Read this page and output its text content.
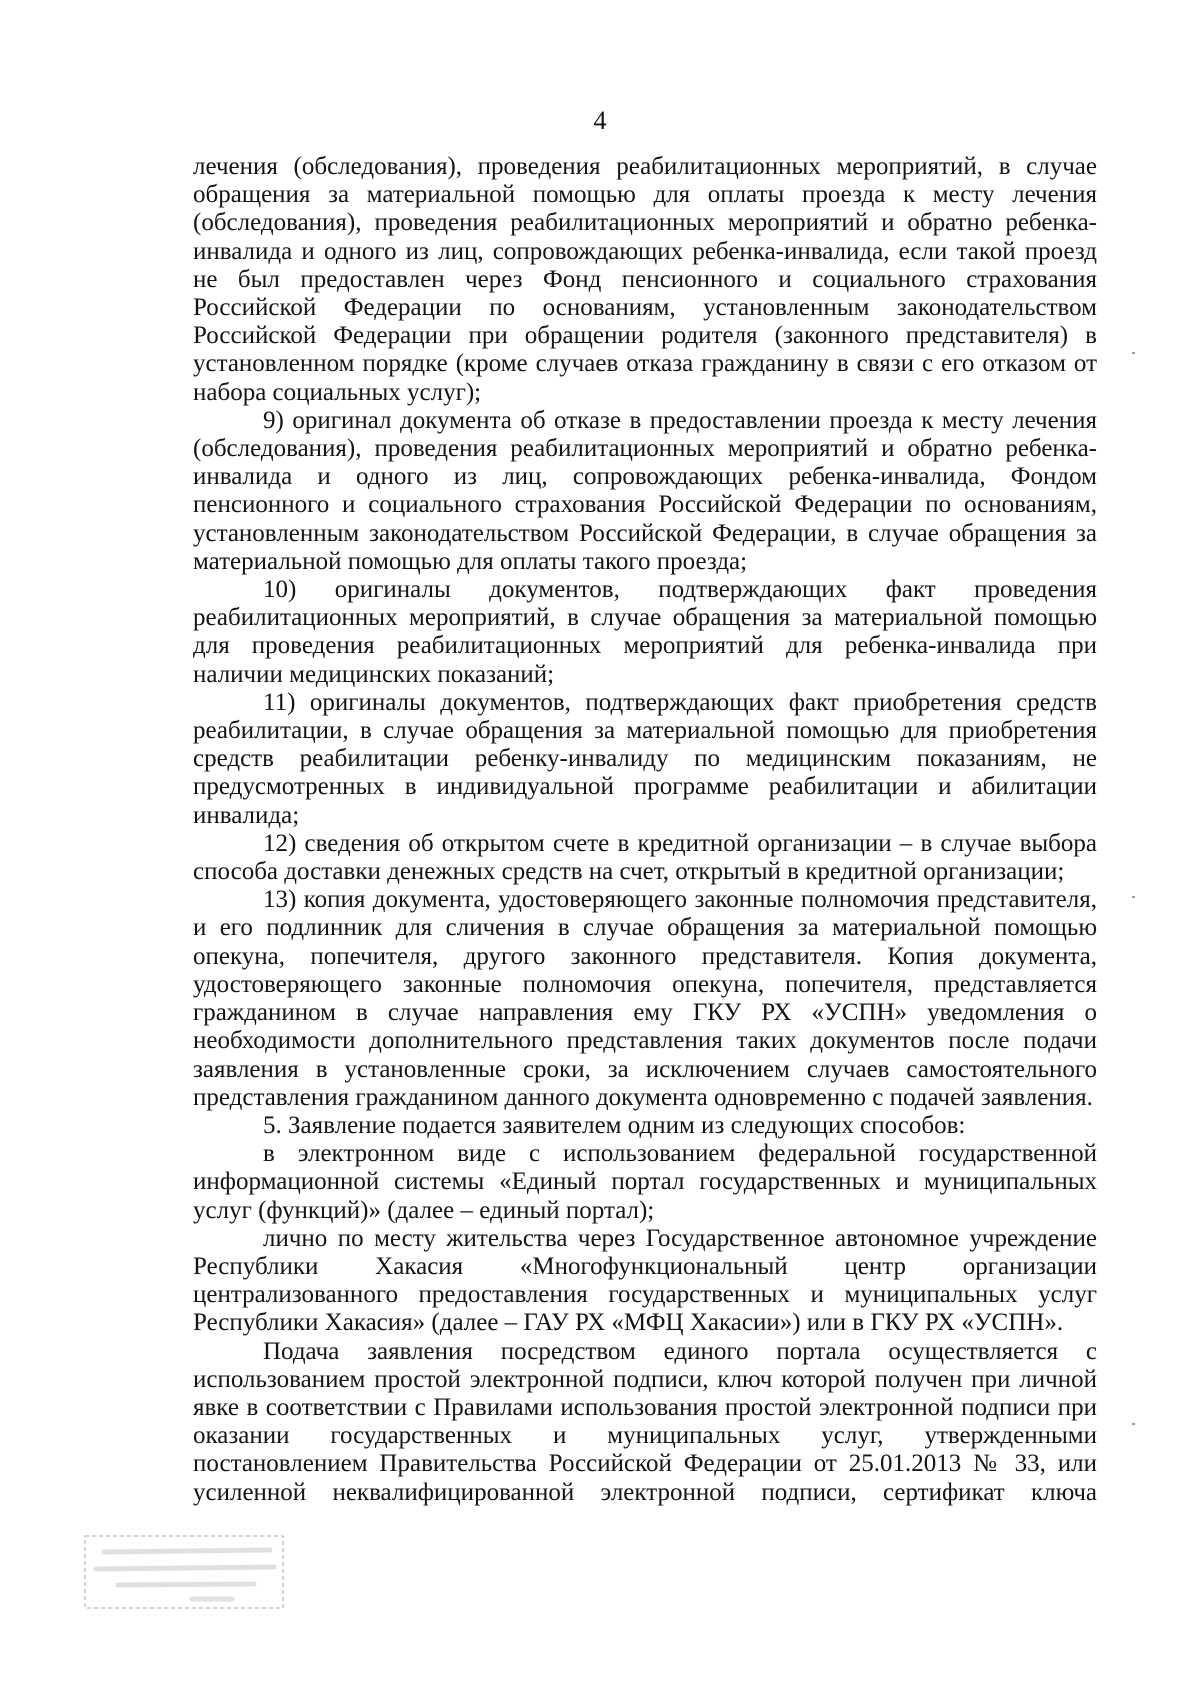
4

лечения (обследования), проведения реабилитационных мероприятий, в случае обращения за материальной помощью для оплаты проезда к месту лечения (обследования), проведения реабилитационных мероприятий и обратно ребенка-инвалида и одного из лиц, сопровождающих ребенка-инвалида, если такой проезд не был предоставлен через Фонд пенсионного и социального страхования Российской Федерации по основаниям, установленным законодательством Российской Федерации при обращении родителя (законного представителя) в установленном порядке (кроме случаев отказа гражданину в связи с его отказом от набора социальных услуг);

9) оригинал документа об отказе в предоставлении проезда к месту лечения (обследования), проведения реабилитационных мероприятий и обратно ребенка-инвалида и одного из лиц, сопровождающих ребенка-инвалида, Фондом пенсионного и социального страхования Российской Федерации по основаниям, установленным законодательством Российской Федерации, в случае обращения за материальной помощью для оплаты такого проезда;

10) оригиналы документов, подтверждающих факт проведения реабилитационных мероприятий, в случае обращения за материальной помощью для проведения реабилитационных мероприятий для ребенка-инвалида при наличии медицинских показаний;

11) оригиналы документов, подтверждающих факт приобретения средств реабилитации, в случае обращения за материальной помощью для приобретения средств реабилитации ребенку-инвалиду по медицинским показаниям, не предусмотренных в индивидуальной программе реабилитации и абилитации инвалида;

12) сведения об открытом счете в кредитной организации – в случае выбора способа доставки денежных средств на счет, открытый в кредитной организации;

13) копия документа, удостоверяющего законные полномочия представителя, и его подлинник для сличения в случае обращения за материальной помощью опекуна, попечителя, другого законного представителя. Копия документа, удостоверяющего законные полномочия опекуна, попечителя, представляется гражданином в случае направления ему ГКУ РХ «УСПН» уведомления о необходимости дополнительного представления таких документов после подачи заявления в установленные сроки, за исключением случаев самостоятельного представления гражданином данного документа одновременно с подачей заявления.

5. Заявление подается заявителем одним из следующих способов:

в электронном виде с использованием федеральной государственной информационной системы «Единый портал государственных и муниципальных услуг (функций)» (далее – единый портал);

лично по месту жительства через Государственное автономное учреждение Республики Хакасия «Многофункциональный центр организации централизованного предоставления государственных и муниципальных услуг Республики Хакасия» (далее – ГАУ РХ «МФЦ Хакасии») или в ГКУ РХ «УСПН».

Подача заявления посредством единого портала осуществляется с использованием простой электронной подписи, ключ которой получен при личной явке в соответствии с Правилами использования простой электронной подписи при оказании государственных и муниципальных услуг, утвержденными постановлением Правительства Российской Федерации от 25.01.2013 № 33, или усиленной неквалифицированной электронной подписи, сертификат ключа
